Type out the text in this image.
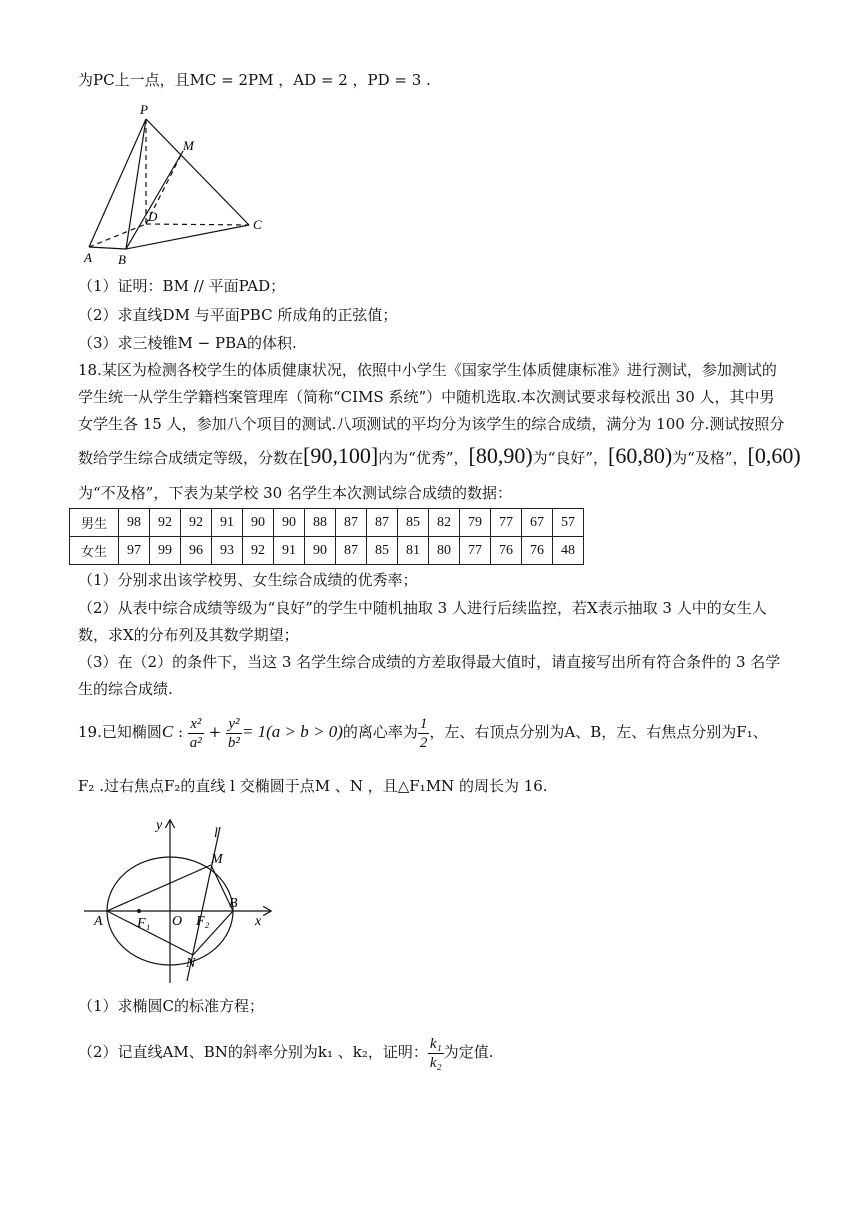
为PC上一点，且MC = 2PM ，AD = 2 ，PD = 3 .
P
M
D
C
A B
（1）证明：BM // 平面PAD；
（2）求直线DM 与平面PBC 所成角的正弦值；
（3）求三棱锥M − PBA的体积.
18.某区为检测各校学生的体质健康状况，依照中小学生《国家学生体质健康标准》进行测试，参加测试的
学生统一从学生学籍档案管理库（简称“CIMS 系统”）中随机选取.本次测试要求每校派出 30 人，其中男
女学生各 15 人，参加八个项目的测试.八项测试的平均分为该学生的综合成绩，满分为 100 分.测试按照分
数给学生综合成绩定等级，分数在[90,100]内为“优秀”，[80,90)为“良好”，[60,80)为“及格”，[0,60)
为“不及格”，下表为某学校 30 名学生本次测试综合成绩的数据：
男生	98	92	92	91	90	90	88	87	87	85	82	79	77	67	57
女生	97	99	96	93	92	91	90	87	85	81	80	77	76	76	48
（1）分别求出该学校男、女生综合成绩的优秀率；
（2）从表中综合成绩等级为“良好”的学生中随机抽取 3 人进行后续监控，若X表示抽取 3 人中的女生人
数，求X的分布列及其数学期望；
（3）在（2）的条件下，当这 3 名学生综合成绩的方差取得最大值时，请直接写出所有符合条件的 3 名学
生的综合成绩.
19.已知椭圆C : $\frac{\text{x²}}{\text{a²}} + \frac{\text{y²}}{\text{b²}} = 1(a > b > 0)$的离心率为 $\frac{1}{2}$ ，左、右顶点分别为A、B，左、右焦点分别为F₁、
F₂ .过右焦点F₂的直线 l 交椭圆于点M 、N ，且△F₁MN 的周长为 16.
y
l
M
A F₁ O F₂
B
x
N
（1）求椭圆C的标准方程；
（2）记直线AM、BN的斜率分别为k₁ 、k₂，证明： $\frac{\text{k₁}}{\text{k₂}}$ 为定值.
